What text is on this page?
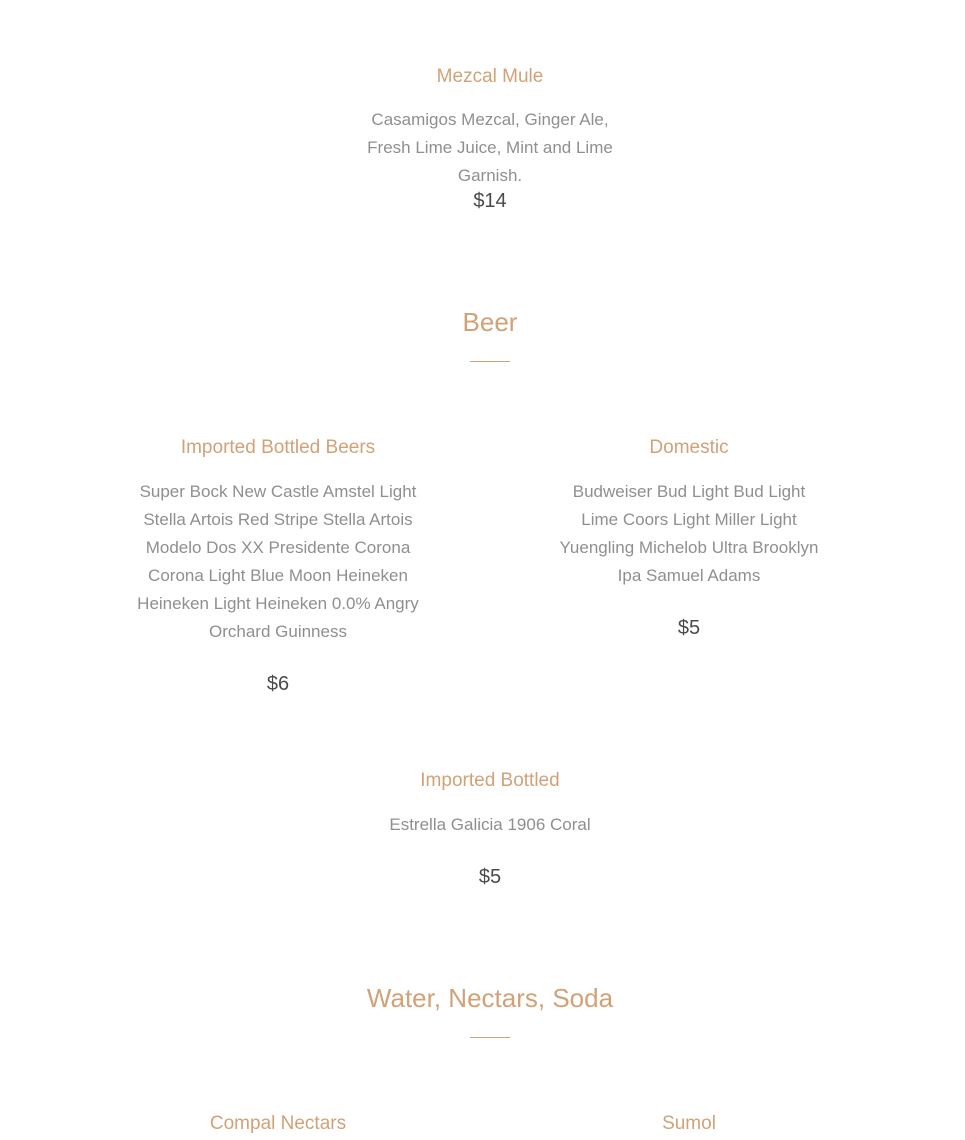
Mezcal Mule
Casamigos Mezcal, Ginger Ale, Fresh Lime Juice, Mint and Lime Garnish.
$14
Beer
Imported Bottled Beers
Super Bock New Castle Amstel Light Stella Artois Red Stripe Stella Artois Modelo Dos XX Presidente Corona Corona Light Blue Moon Heineken Heineken Light Heineken 0.0% Angry Orchard Guinness
$6
Domestic
Budweiser Bud Light Bud Light Lime Coors Light Miller Light Yuengling Michelob Ultra Brooklyn Ipa Samuel Adams
$5
Imported Bottled
Estrella Galicia 1906 Coral
$5
Water, Nectars, Soda
Compal Nectars	Sumol
